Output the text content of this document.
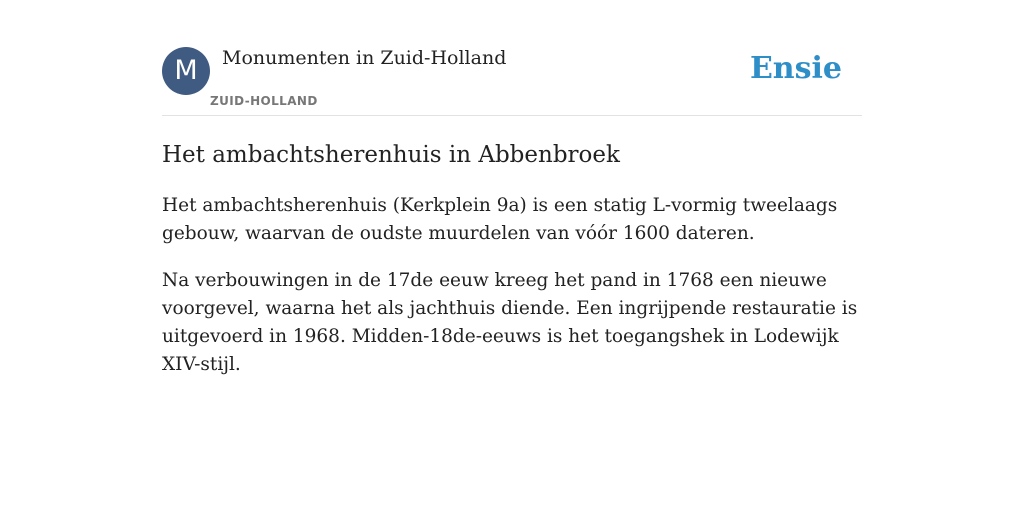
M	Monumenten in Zuid-Holland
ZUID-HOLLAND
Ensie
Het ambachtsherenhuis in Abbenbroek

Het ambachtsherenhuis (Kerkplein 9a) is een statig L-vormig tweelaags gebouw, waarvan de oudste muurdelen van vóór 1600 dateren.

Na verbouwingen in de 17de eeuw kreeg het pand in 1768 een nieuwe voorgevel, waarna het als jachthuis diende. Een ingrijpende restauratie is uitgevoerd in 1968. Midden-18de-eeuws is het toegangshek in Lodewijk XIV-stijl.
